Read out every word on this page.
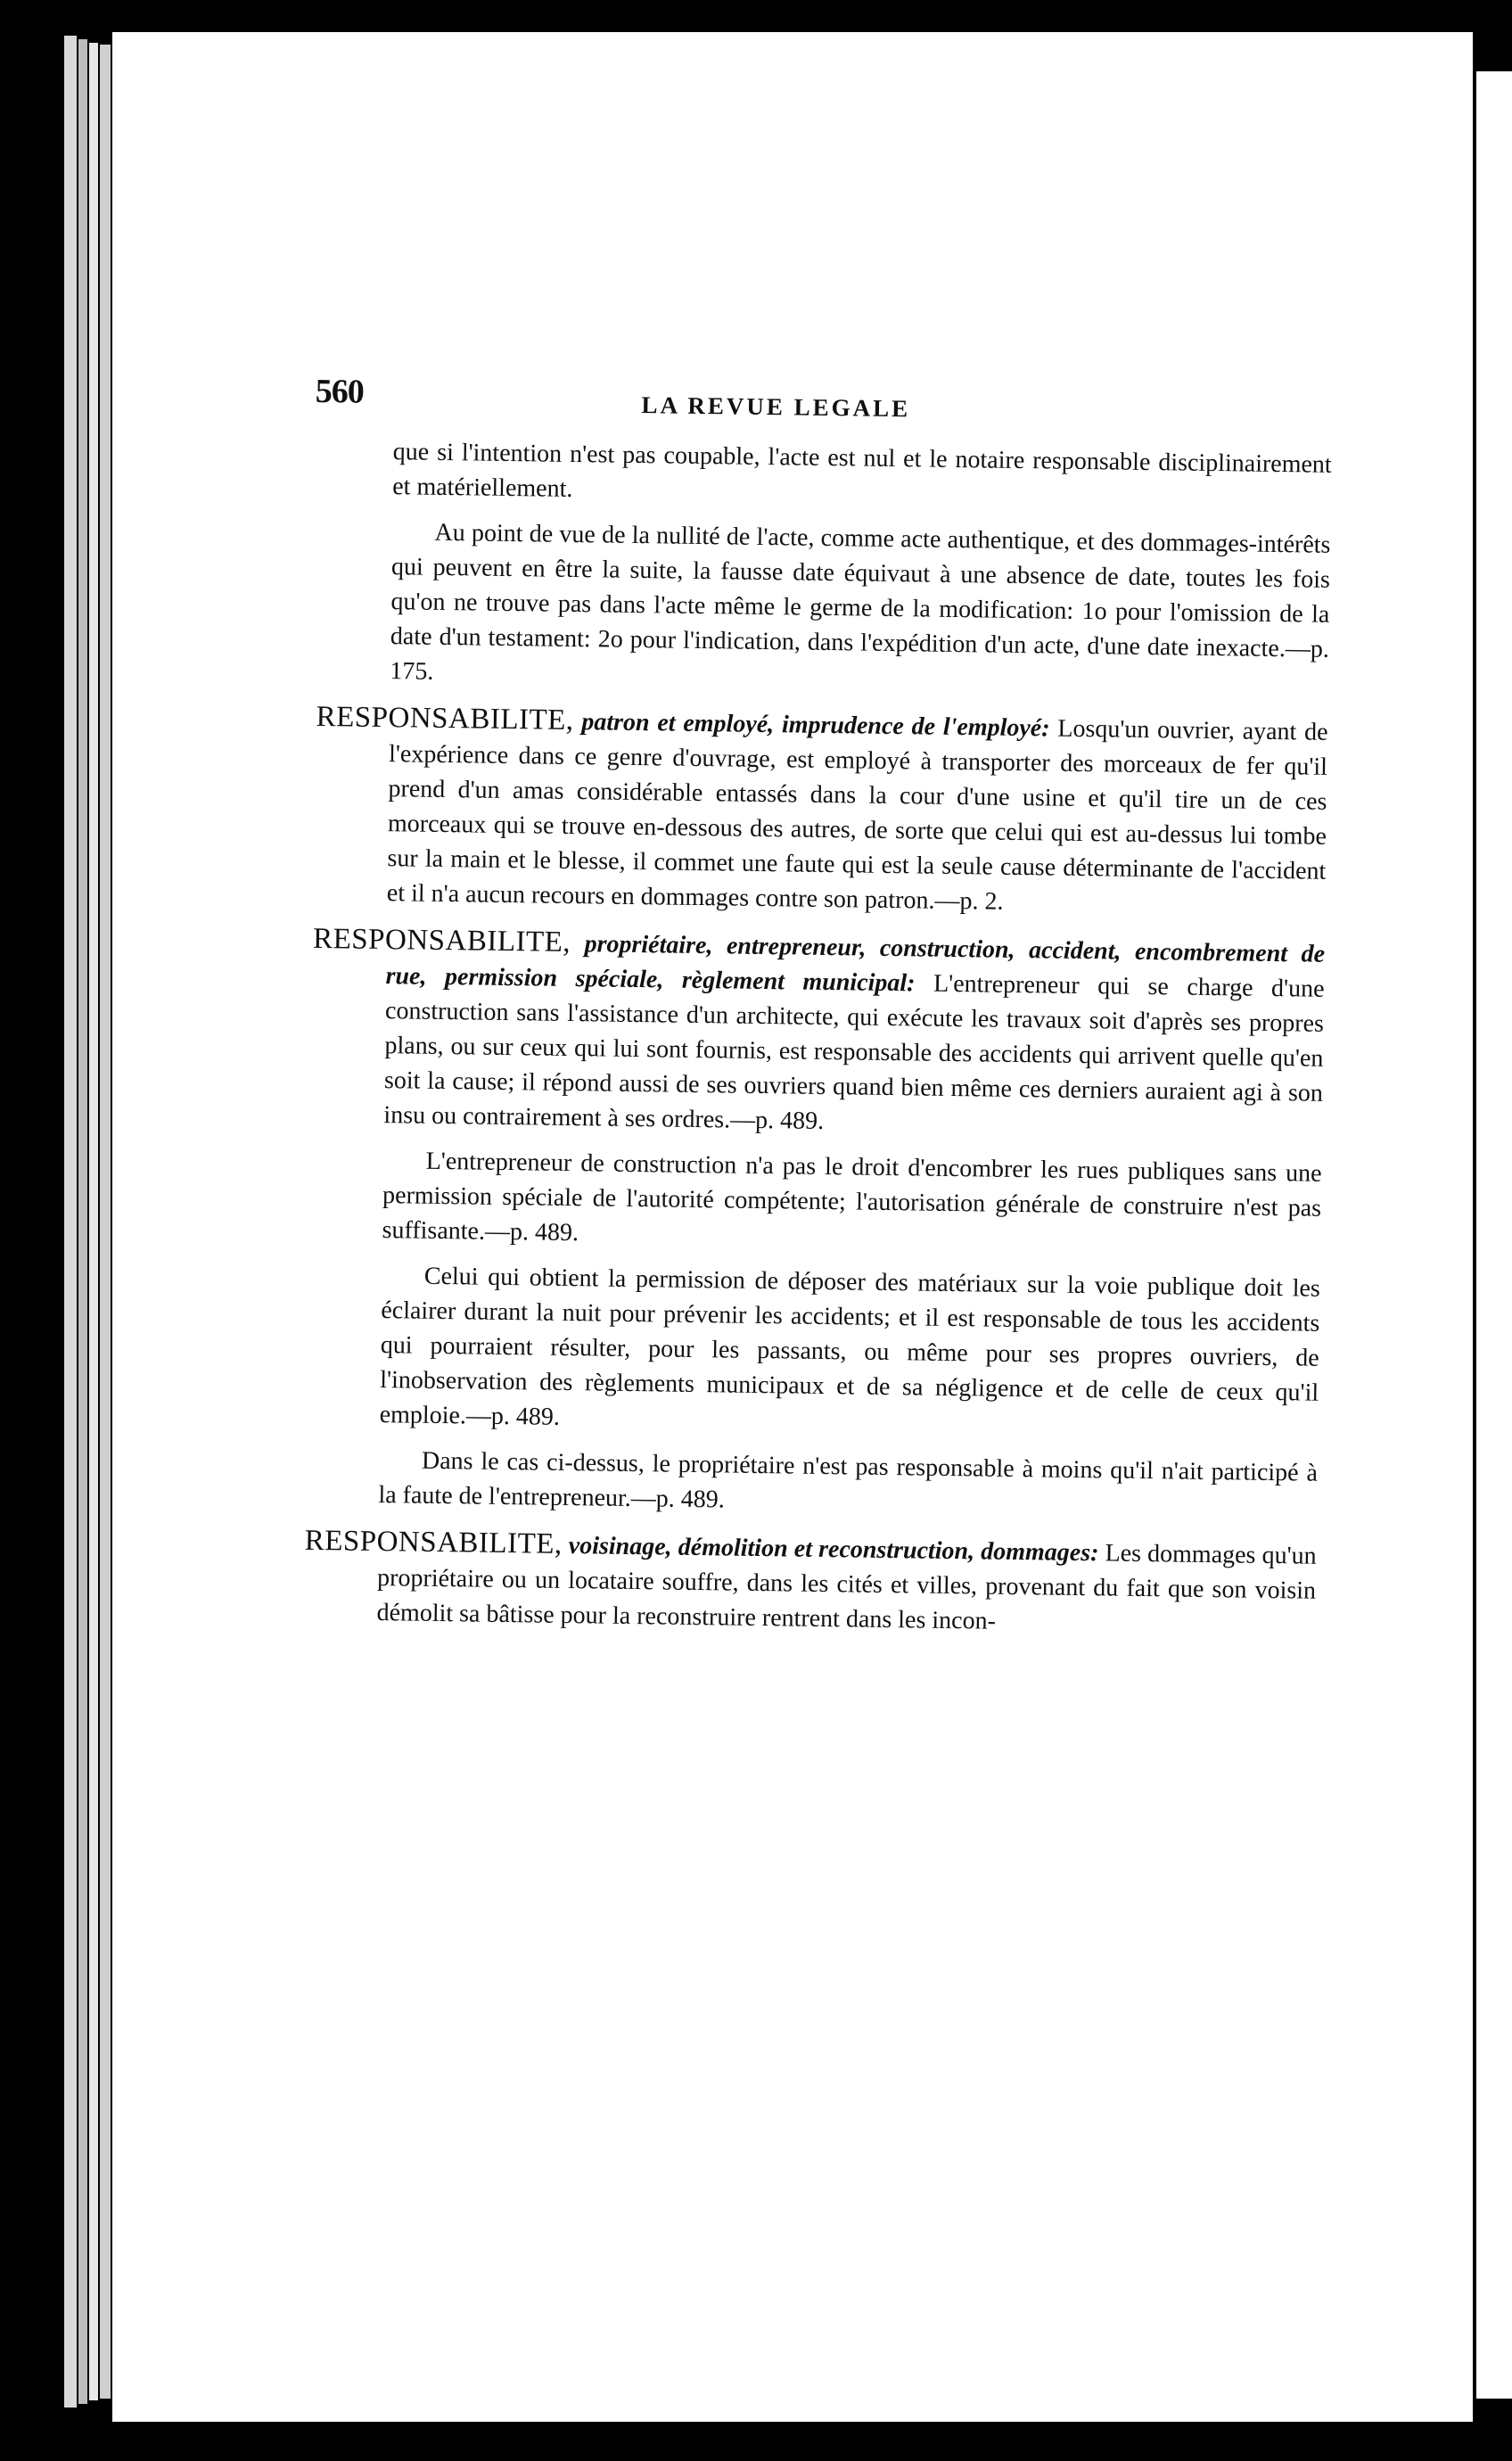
560	LA REVUE LEGALE

que si l'intention n'est pas coupable, l'acte est nul et le notaire responsable disciplinairement et matériellement.

Au point de vue de la nullité de l'acte, comme acte authentique, et des dommages-intérêts qui peuvent en être la suite, la fausse date équivaut à une absence de date, toutes les fois qu'on ne trouve pas dans l'acte même le germe de la modification: 1o pour l'omission de la date d'un testament: 2o pour l'indication, dans l'expédition d'un acte, d'une date inexacte.—p. 175.

RESPONSABILITE, patron et employé, imprudence de l'employé: Losqu'un ouvrier, ayant de l'expérience dans ce genre d'ouvrage, est employé à transporter des morceaux de fer qu'il prend d'un amas considérable entassés dans la cour d'une usine et qu'il tire un de ces morceaux qui se trouve en-dessous des autres, de sorte que celui qui est au-dessus lui tombe sur la main et le blesse, il commet une faute qui est la seule cause déterminante de l'accident et il n'a aucun recours en dommages contre son patron.—p. 2.

RESPONSABILITE, propriétaire, entrepreneur, construction, accident, encombrement de rue, permission spéciale, règlement municipal: L'entrepreneur qui se charge d'une construction sans l'assistance d'un architecte, qui exécute les travaux soit d'après ses propres plans, ou sur ceux qui lui sont fournis, est responsable des accidents qui arrivent quelle qu'en soit la cause; il répond aussi de ses ouvriers quand bien même ces derniers auraient agi à son insu ou contrairement à ses ordres.—p. 489.

L'entrepreneur de construction n'a pas le droit d'encombrer les rues publiques sans une permission spéciale de l'autorité compétente; l'autorisation générale de construire n'est pas suffisante.—p. 489.

Celui qui obtient la permission de déposer des matériaux sur la voie publique doit les éclairer durant la nuit pour prévenir les accidents; et il est responsable de tous les accidents qui pourraient résulter, pour les passants, ou même pour ses propres ouvriers, de l'inobservation des règlements municipaux et de sa négligence et de celle de ceux qu'il emploie.—p. 489.

Dans le cas ci-dessus, le propriétaire n'est pas responsable à moins qu'il n'ait participé à la faute de l'entrepreneur.—p. 489.

RESPONSABILITE, voisinage, démolition et reconstruction, dommages: Les dommages qu'un propriétaire ou un locataire souffre, dans les cités et villes, provenant du fait que son voisin démolit sa bâtisse pour la reconstruire rentrent dans les incon-
